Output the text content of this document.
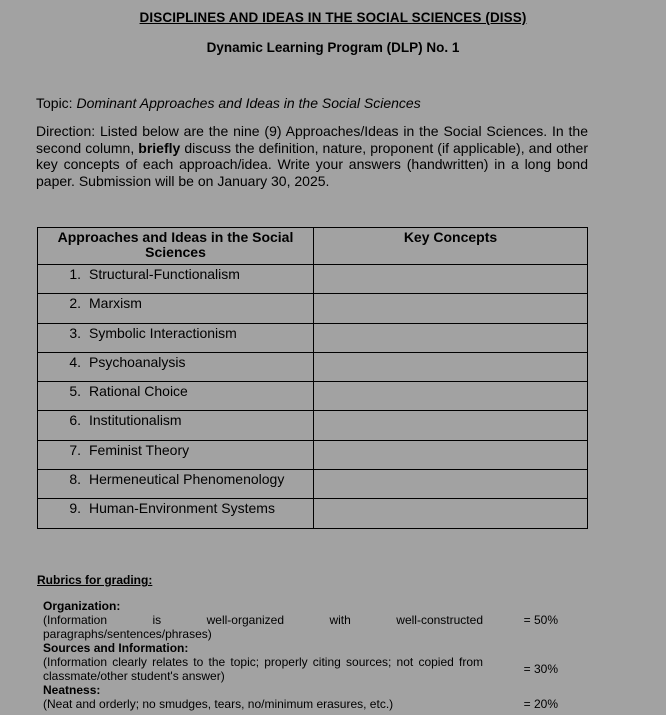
DISCIPLINES AND IDEAS IN THE SOCIAL SCIENCES (DISS)
Dynamic Learning Program (DLP) No. 1
Topic: Dominant Approaches and Ideas in the Social Sciences
Direction: Listed below are the nine (9) Approaches/Ideas in the Social Sciences. In the second column, briefly discuss the definition, nature, proponent (if applicable), and other key concepts of each approach/idea. Write your answers (handwritten) in a long bond paper. Submission will be on January 30, 2025.
Approaches and Ideas in the Social Sciences	Key Concepts
1. Structural-Functionalism	
2. Marxism	
3. Symbolic Interactionism	
4. Psychoanalysis	
5. Rational Choice	
6. Institutionalism	
7. Feminist Theory	
8. Hermeneutical Phenomenology	
9. Human-Environment Systems	
Rubrics for grading:
Organization:
(Information is well-organized with well-constructed paragraphs/sentences/phrases)
= 50%
Sources and Information:
(Information clearly relates to the topic; properly citing sources; not copied from classmate/other student's answer)	= 30%
Neatness:
(Neat and orderly; no smudges, tears, no/minimum erasures, etc.)	= 20%
